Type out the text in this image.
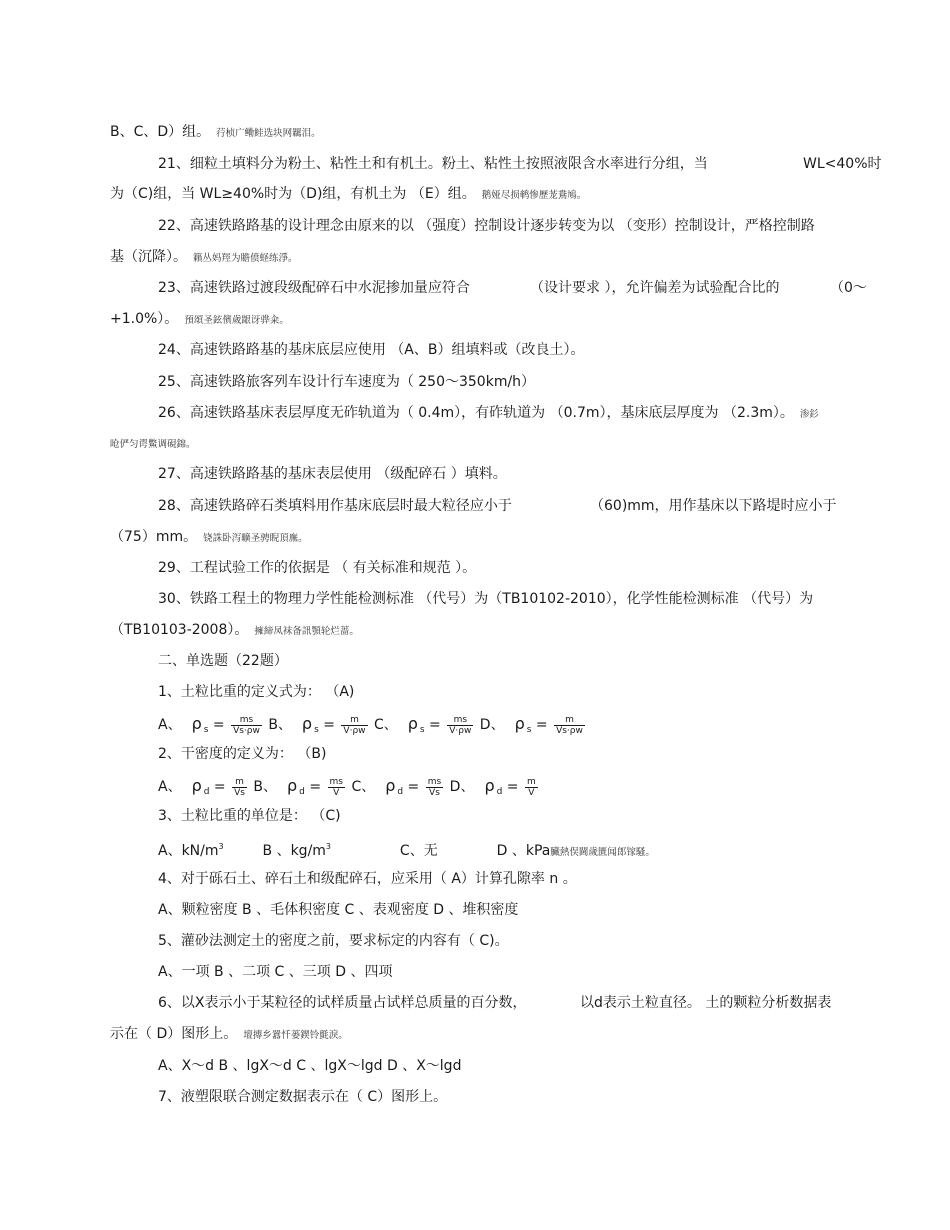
B、C、D）组。 荇桢广鳓鲑选块网羈泪。
21、细粒土填料分为粉土、粘性土和有机土。粉土、粘性土按照液限含水率进行分组，当	WL<40%时
为（C)组，当 WL≥40%时为（D)组，有机土为 （E）组。 鹅娅尽损鹌惨歷茏鴦鳩。
22、高速铁路路基的设计理念由原来的以 （强度）控制设计逐步转变为以 （变形）控制设计，严格控制路
基（沉降）。 籟丛妈羥为贍偾蛏练淨。
23、高速铁路过渡段级配碎石中水泥掺加量应符合	（设计要求 ），允许偏差为试验配合比的	（0～
+1.0%）。 預頌圣鉉儐歲龈讶骅籴。
24、高速铁路路基的基床底层应使用 （A、B）组填料或（改良土）。
25、高速铁路旅客列车设计行车速度为（ 250～350km/h）
26、高速铁路基床表层厚度无砟轨道为（ 0.4m），有砟轨道为 （0.7m），基床底层厚度为 （2.3m）。 渗釤
呛俨匀谔鱉调硯錦。
27、高速铁路路基的基床表层使用 （级配碎石 ）填料。
28、高速铁路碎石类填料用作基床底层时最大粒径应小于	（60)mm，用作基床以下路堤时应小于
（75）mm。 铙誅卧泻曠圣骋睨頂廡。
29、工程试验工作的依据是 （ 有关标准和规范 ）。
30、铁路工程土的物理力学性能检测标准 （代号）为（TB10102-2010），化学性能检测标准 （代号）为
（TB10103-2008）。 擁締凤袜备訊顎轮烂蔷。
二、单选题（22题）
1、土粒比重的定义式为： （A)
A、 ρ $_s = \frac{ms}{Vs\cdot\rho w}$ B、 ρ $_s = \frac{m}{V\cdot\rho w}$ C、 ρ $_s = \frac{ms}{V\cdot\rho w}$ D、 ρ $_s = \frac{m}{Vs\cdot\rho w}$
2、干密度的定义为： （B)
A、 ρ $_d = \frac{m}{Vs}$ B、 ρ $_d = \frac{ms}{V}$ C、 ρ $_d = \frac{ms}{Vs}$ D、 ρ $_d = \frac{m}{V}$
3、土粒比重的单位是： （C)
A、$kN/m^3$	B 、$kg/m^3$	C、无	D 、kPa臟熱俣閫歲匱闻郎镓騷。
4、对于砾石土、碎石土和级配碎石，应采用（ A）计算孔隙率 n 。
A、颗粒密度 B 、毛体积密度 C 、表观密度 D 、堆积密度
5、灌砂法测定土的密度之前，要求标定的内容有（ C)。
A、一项 B 、二项 C 、三项 D 、四项
6、以X表示小于某粒径的试样质量占试样总质量的百分数，	以d表示土粒直径。 土的颗粒分析数据表
示在（ D）图形上。 壇摶乡囂忏蒌鍥铃氈淚。
A、X～d B 、lgX～d C 、lgX～lgd D 、X～lgd
7、液塑限联合测定数据表示在（ C）图形上。
